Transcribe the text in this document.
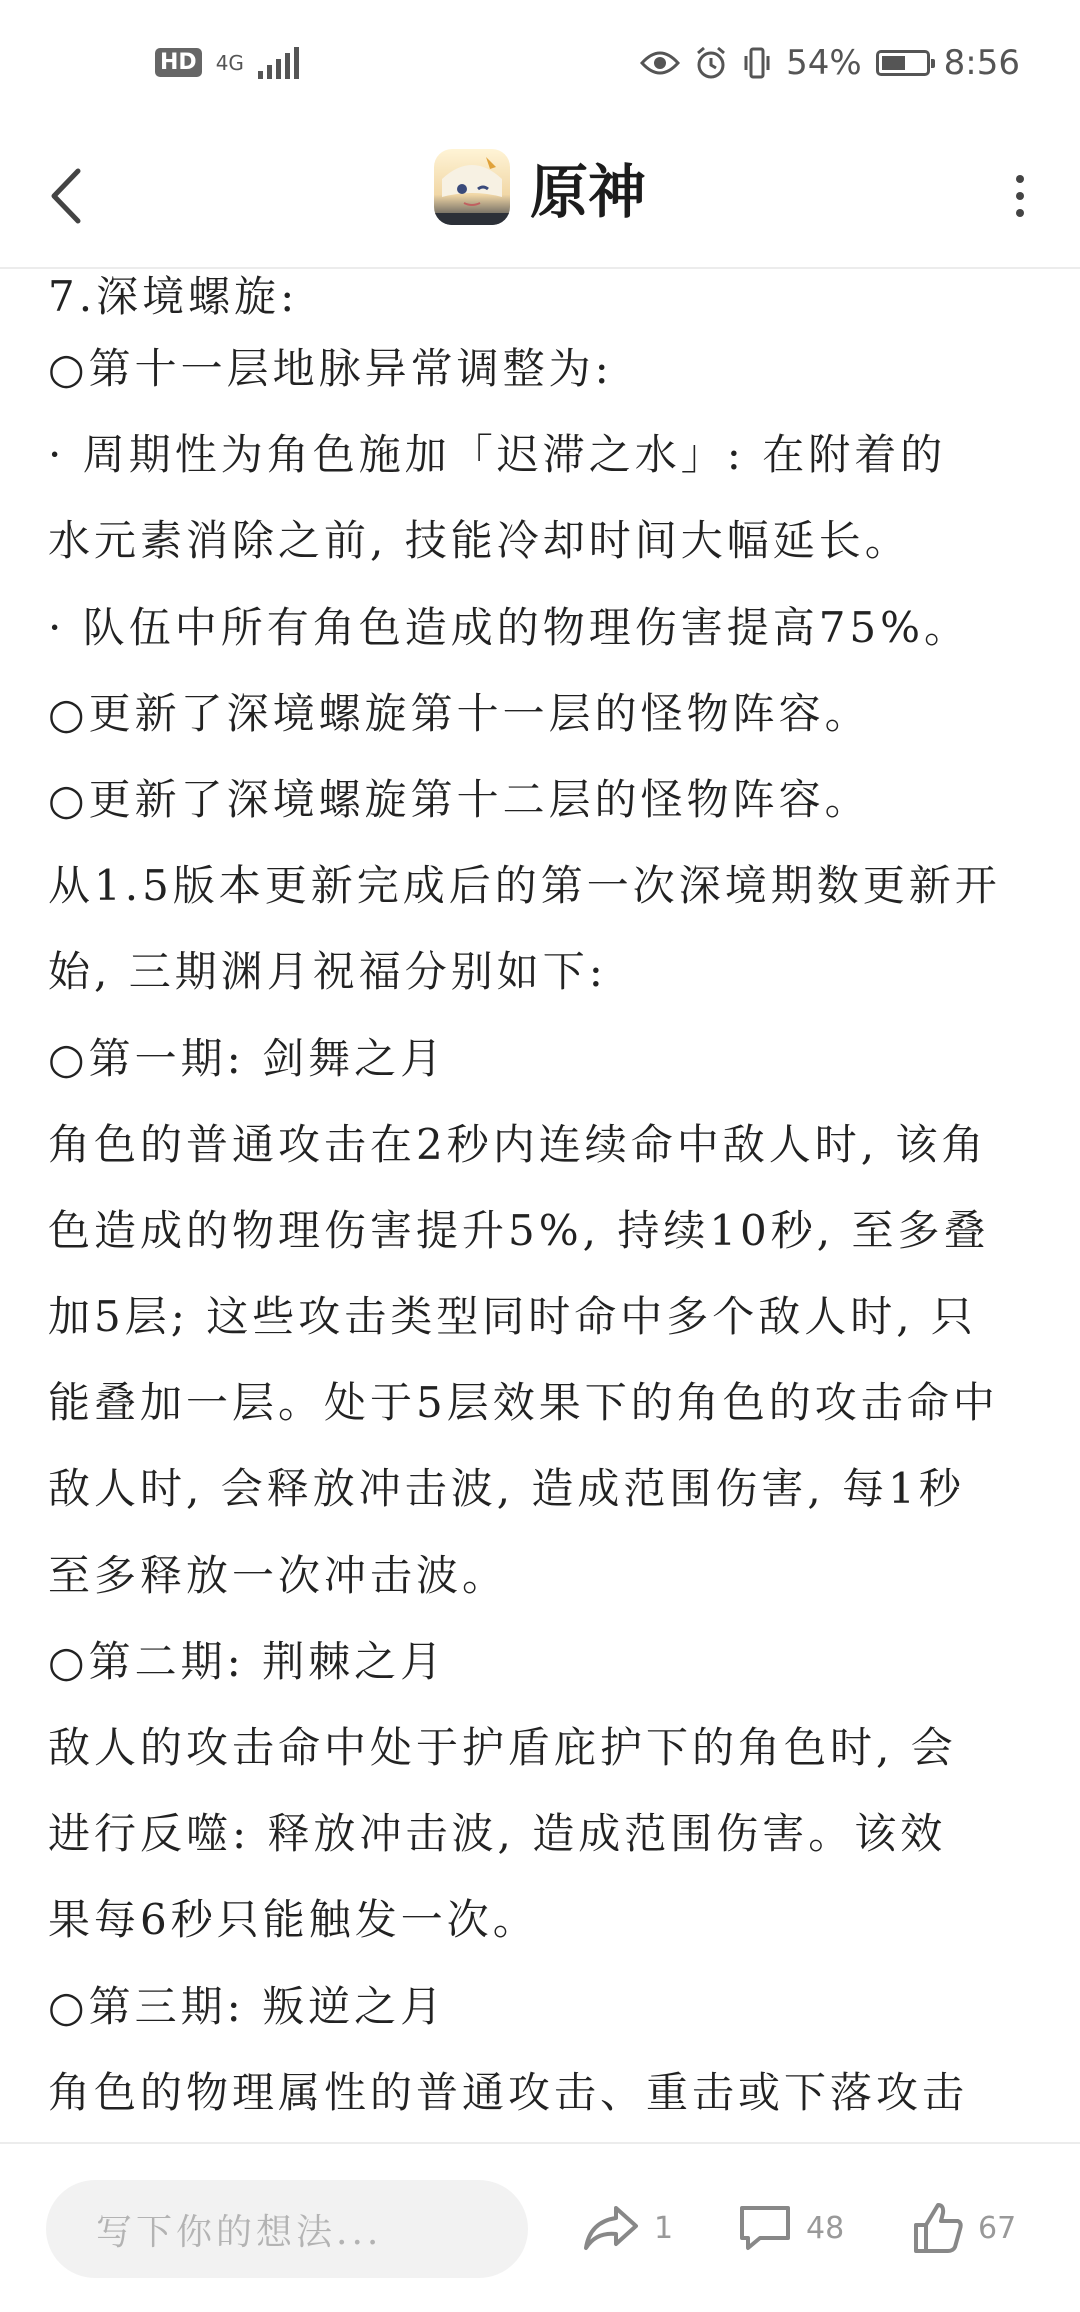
HD 4G	54% 8:56
原神
7.深境螺旋:
○第十一层地脉异常调整为:
· 周期性为角色施加「迟滞之水」: 在附着的
水元素消除之前, 技能冷却时间大幅延长。
· 队伍中所有角色造成的物理伤害提高75%。
○更新了深境螺旋第十一层的怪物阵容。
○更新了深境螺旋第十二层的怪物阵容。
从1.5版本更新完成后的第一次深境期数更新开
始, 三期渊月祝福分别如下:
○第一期: 剑舞之月
角色的普通攻击在2秒内连续命中敌人时, 该角
色造成的物理伤害提升5%, 持续10秒, 至多叠
加5层; 这些攻击类型同时命中多个敌人时, 只
能叠加一层。处于5层效果下的角色的攻击命中
敌人时, 会释放冲击波, 造成范围伤害, 每1秒
至多释放一次冲击波。
○第二期: 荆棘之月
敌人的攻击命中处于护盾庇护下的角色时, 会
进行反噬: 释放冲击波, 造成范围伤害。该效
果每6秒只能触发一次。
○第三期: 叛逆之月
角色的物理属性的普通攻击、重击或下落攻击
写下你的想法...	1	48	67
